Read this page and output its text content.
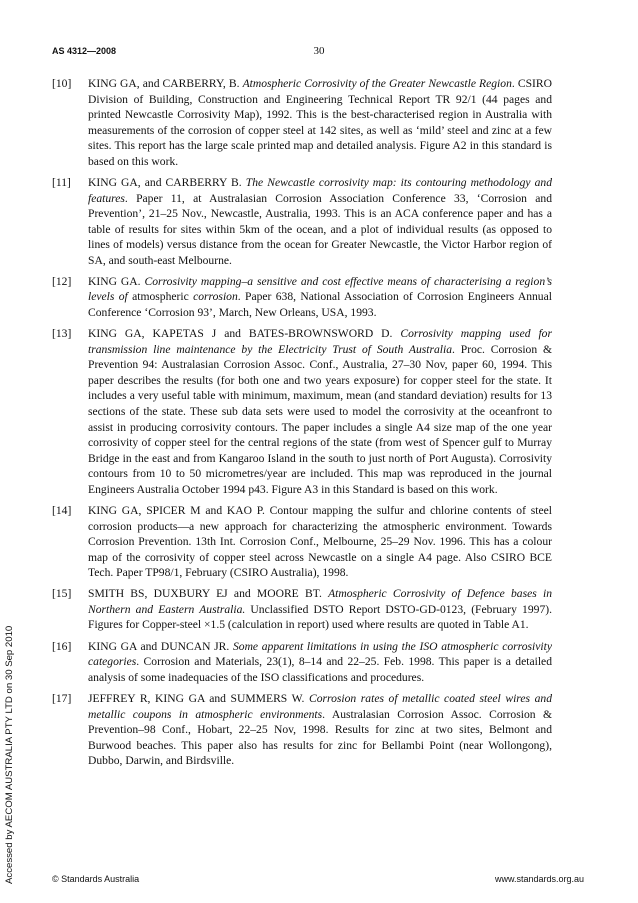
AS 4312—2008	30
[10]	KING GA, and CARBERRY, B. Atmospheric Corrosivity of the Greater Newcastle Region. CSIRO Division of Building, Construction and Engineering Technical Report TR 92/1 (44 pages and printed Newcastle Corrosivity Map), 1992. This is the best-characterised region in Australia with measurements of the corrosion of copper steel at 142 sites, as well as ‘mild’ steel and zinc at a few sites. This report has the large scale printed map and detailed analysis. Figure A2 in this standard is based on this work.
[11]	KING GA, and CARBERRY B. The Newcastle corrosivity map: its contouring methodology and features. Paper 11, at Australasian Corrosion Association Conference 33, ‘Corrosion and Prevention’, 21–25 Nov., Newcastle, Australia, 1993. This is an ACA conference paper and has a table of results for sites within 5km of the ocean, and a plot of individual results (as opposed to lines of models) versus distance from the ocean for Greater Newcastle, the Victor Harbor region of SA, and south-east Melbourne.
[12]	KING GA. Corrosivity mapping–a sensitive and cost effective means of characterising a region’s levels of atmospheric corrosion. Paper 638, National Association of Corrosion Engineers Annual Conference ‘Corrosion 93’, March, New Orleans, USA, 1993.
[13]	KING GA, KAPETAS J and BATES-BROWNSWORD D. Corrosivity mapping used for transmission line maintenance by the Electricity Trust of South Australia. Proc. Corrosion & Prevention 94: Australasian Corrosion Assoc. Conf., Australia, 27–30 Nov, paper 60, 1994. This paper describes the results (for both one and two years exposure) for copper steel for the state. It includes a very useful table with minimum, maximum, mean (and standard deviation) results for 13 sections of the state. These sub data sets were used to model the corrosivity at the oceanfront to assist in producing corrosivity contours. The paper includes a single A4 size map of the one year corrosivity of copper steel for the central regions of the state (from west of Spencer gulf to Murray Bridge in the east and from Kangaroo Island in the south to just north of Port Augusta). Corrosivity contours from 10 to 50 micrometres/year are included. This map was reproduced in the journal Engineers Australia October 1994 p43. Figure A3 in this Standard is based on this work.
[14]	KING GA, SPICER M and KAO P. Contour mapping the sulfur and chlorine contents of steel corrosion products—a new approach for characterizing the atmospheric environment. Towards Corrosion Prevention. 13th Int. Corrosion Conf., Melbourne, 25–29 Nov. 1996. This has a colour map of the corrosivity of copper steel across Newcastle on a single A4 page. Also CSIRO BCE Tech. Paper TP98/1, February (CSIRO Australia), 1998.
[15]	SMITH BS, DUXBURY EJ and MOORE BT. Atmospheric Corrosivity of Defence bases in Northern and Eastern Australia. Unclassified DSTO Report DSTO-GD-0123, (February 1997). Figures for Copper-steel ×1.5 (calculation in report) used where results are quoted in Table A1.
[16]	KING GA and DUNCAN JR. Some apparent limitations in using the ISO atmospheric corrosivity categories. Corrosion and Materials, 23(1), 8–14 and 22–25. Feb. 1998. This paper is a detailed analysis of some inadequacies of the ISO classifications and procedures.
[17]	JEFFREY R, KING GA and SUMMERS W. Corrosion rates of metallic coated steel wires and metallic coupons in atmospheric environments. Australasian Corrosion Assoc. Corrosion & Prevention–98 Conf., Hobart, 22–25 Nov, 1998. Results for zinc at two sites, Belmont and Burwood beaches. This paper also has results for zinc for Bellambi Point (near Wollongong), Dubbo, Darwin, and Birdsville.
Accessed by AECOM AUSTRALIA PTY LTD on 30 Sep 2010	© Standards Australia	www.standards.org.au
